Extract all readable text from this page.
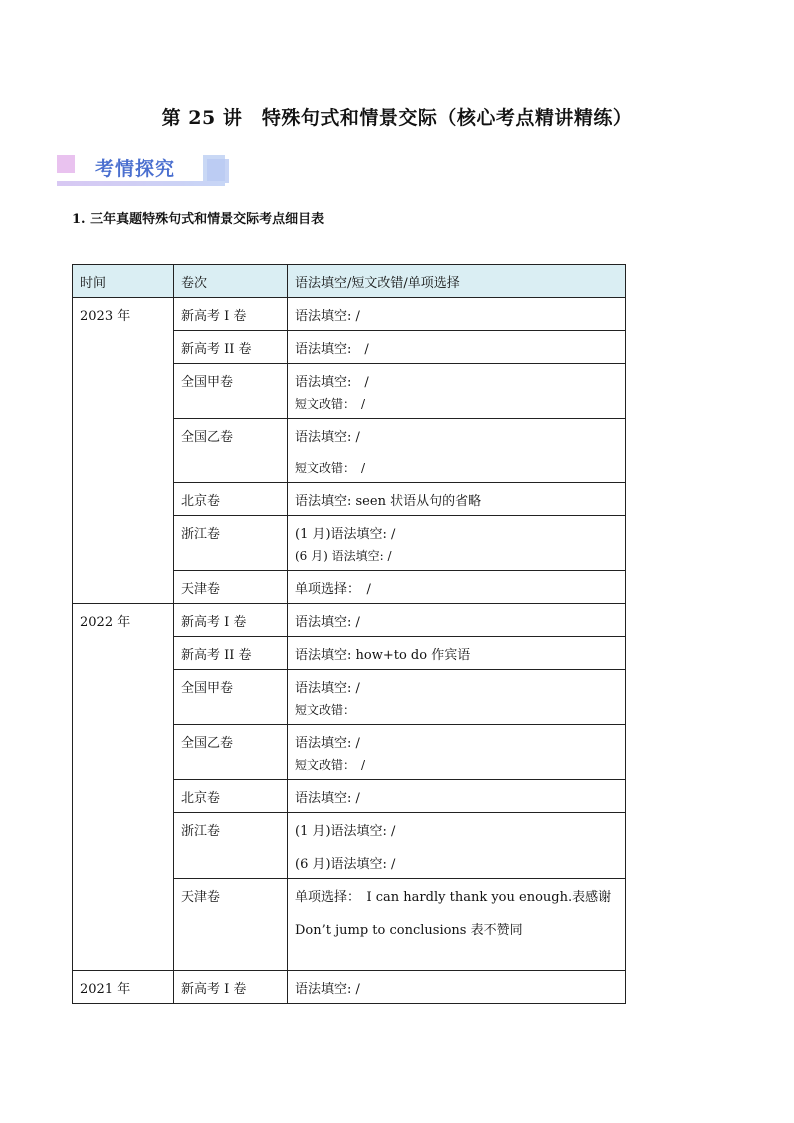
第 25 讲　特殊句式和情景交际（核心考点精讲精练）
考情探究
1. 三年真题特殊句式和情景交际考点细目表
时间	卷次	语法填空/短文改错/单项选择
2023 年	新高考 I 卷	语法填空: /

	新高考 II 卷	语法填空:　/

	全国甲卷	语法填空:　/
短文改错：　/

	全国乙卷	语法填空: /
短文改错：　/

	北京卷	语法填空: seen 状语从句的省略

	浙江卷	(1 月)语法填空: /
(6 月) 语法填空: /

	天津卷	单项选择：　/

2022 年	新高考 I 卷	语法填空: /

	新高考 II 卷	语法填空: how+to do 作宾语

	全国甲卷	语法填空: /
短文改错：

	全国乙卷	语法填空: /
短文改错：　/

	北京卷	语法填空: /

	浙江卷	(1 月)语法填空: /
(6 月)语法填空: /

	天津卷	单项选择：　I can hardly thank you enough.表感谢
Don’t jump to conclusions 表不赞同

2021 年	新高考 I 卷	语法填空: /
